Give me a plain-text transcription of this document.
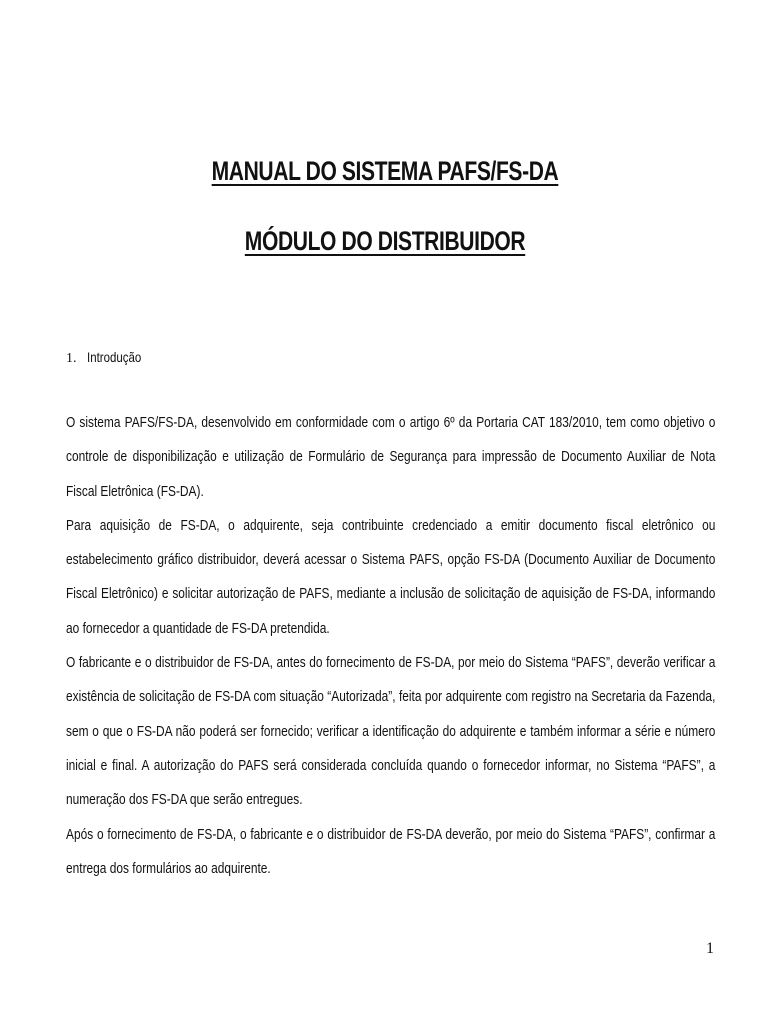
MANUAL DO SISTEMA PAFS/FS-DA
MÓDULO DO DISTRIBUIDOR
1. Introdução

O sistema PAFS/FS-DA, desenvolvido em conformidade com o artigo 6º da Portaria CAT 183/2010, tem como objetivo o controle de disponibilização e utilização de Formulário de Segurança para impressão de Documento Auxiliar de Nota Fiscal Eletrônica (FS-DA).

Para aquisição de FS-DA, o adquirente, seja contribuinte credenciado a emitir documento fiscal eletrônico ou estabelecimento gráfico distribuidor, deverá acessar o Sistema PAFS, opção FS-DA (Documento Auxiliar de Documento Fiscal Eletrônico) e solicitar autorização de PAFS, mediante a inclusão de solicitação de aquisição de FS-DA, informando ao fornecedor a quantidade de FS-DA pretendida.

O fabricante e o distribuidor de FS-DA, antes do fornecimento de FS-DA, por meio do Sistema “PAFS”, deverão verificar a existência de solicitação de FS-DA com situação “Autorizada”, feita por adquirente com registro na Secretaria da Fazenda, sem o que o FS-DA não poderá ser fornecido; verificar a identificação do adquirente e também informar a série e número inicial e final. A autorização do PAFS será considerada concluída quando o fornecedor informar, no Sistema “PAFS”, a numeração dos FS-DA que serão entregues.

Após o fornecimento de FS-DA, o fabricante e o distribuidor de FS-DA deverão, por meio do Sistema “PAFS”, confirmar a entrega dos formulários ao adquirente.

1
